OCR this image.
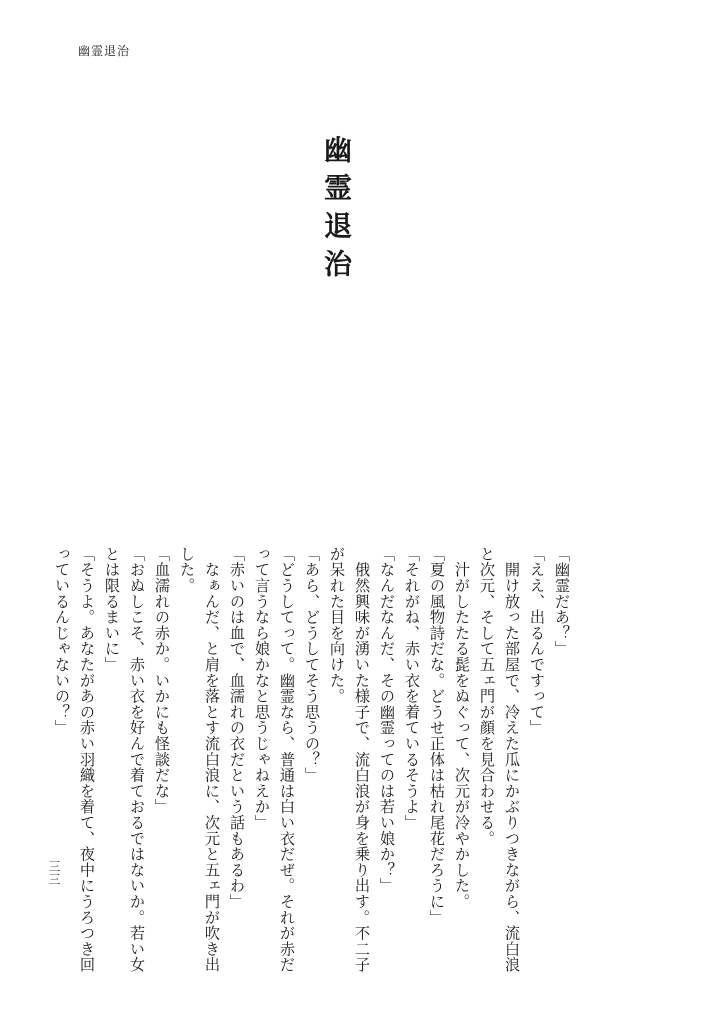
幽霊退治
幽霊退治

「幽霊だあ？」

「ええ、出るんですって」

　開け放った部屋で、冷えた瓜にかぶりつきながら、流白浪と次元、そして五ェ門が顔を見合わせる。

　汁がしたたる髭をぬぐって、次元が冷やかした。

「夏の風物詩だな。どうせ正体は枯れ尾花だろうに」

「それがね、赤い衣を着ているそうよ」

「なんだなんだ、その幽霊ってのは若い娘か？」

　俄然興味が湧いた様子で、流白浪が身を乗り出す。不二子が呆れた目を向けた。

「あら、どうしてそう思うの？」

「どうしてって。幽霊なら、普通は白い衣だぜ。それが赤だって言うなら娘かなと思うじゃねえか」

「赤いのは血で、血濡れの衣だという話もあるわ」

　なぁんだ、と肩を落とす流白浪に、次元と五ェ門が吹き出した。

「血濡れの赤か。いかにも怪談だな」

「おぬしこそ、赤い衣を好んで着ておるではないか。若い女とは限るまいに」

「そうよ。あなたがあの赤い羽織を着て、夜中にうろつき回っているんじゃないの？」

三三
